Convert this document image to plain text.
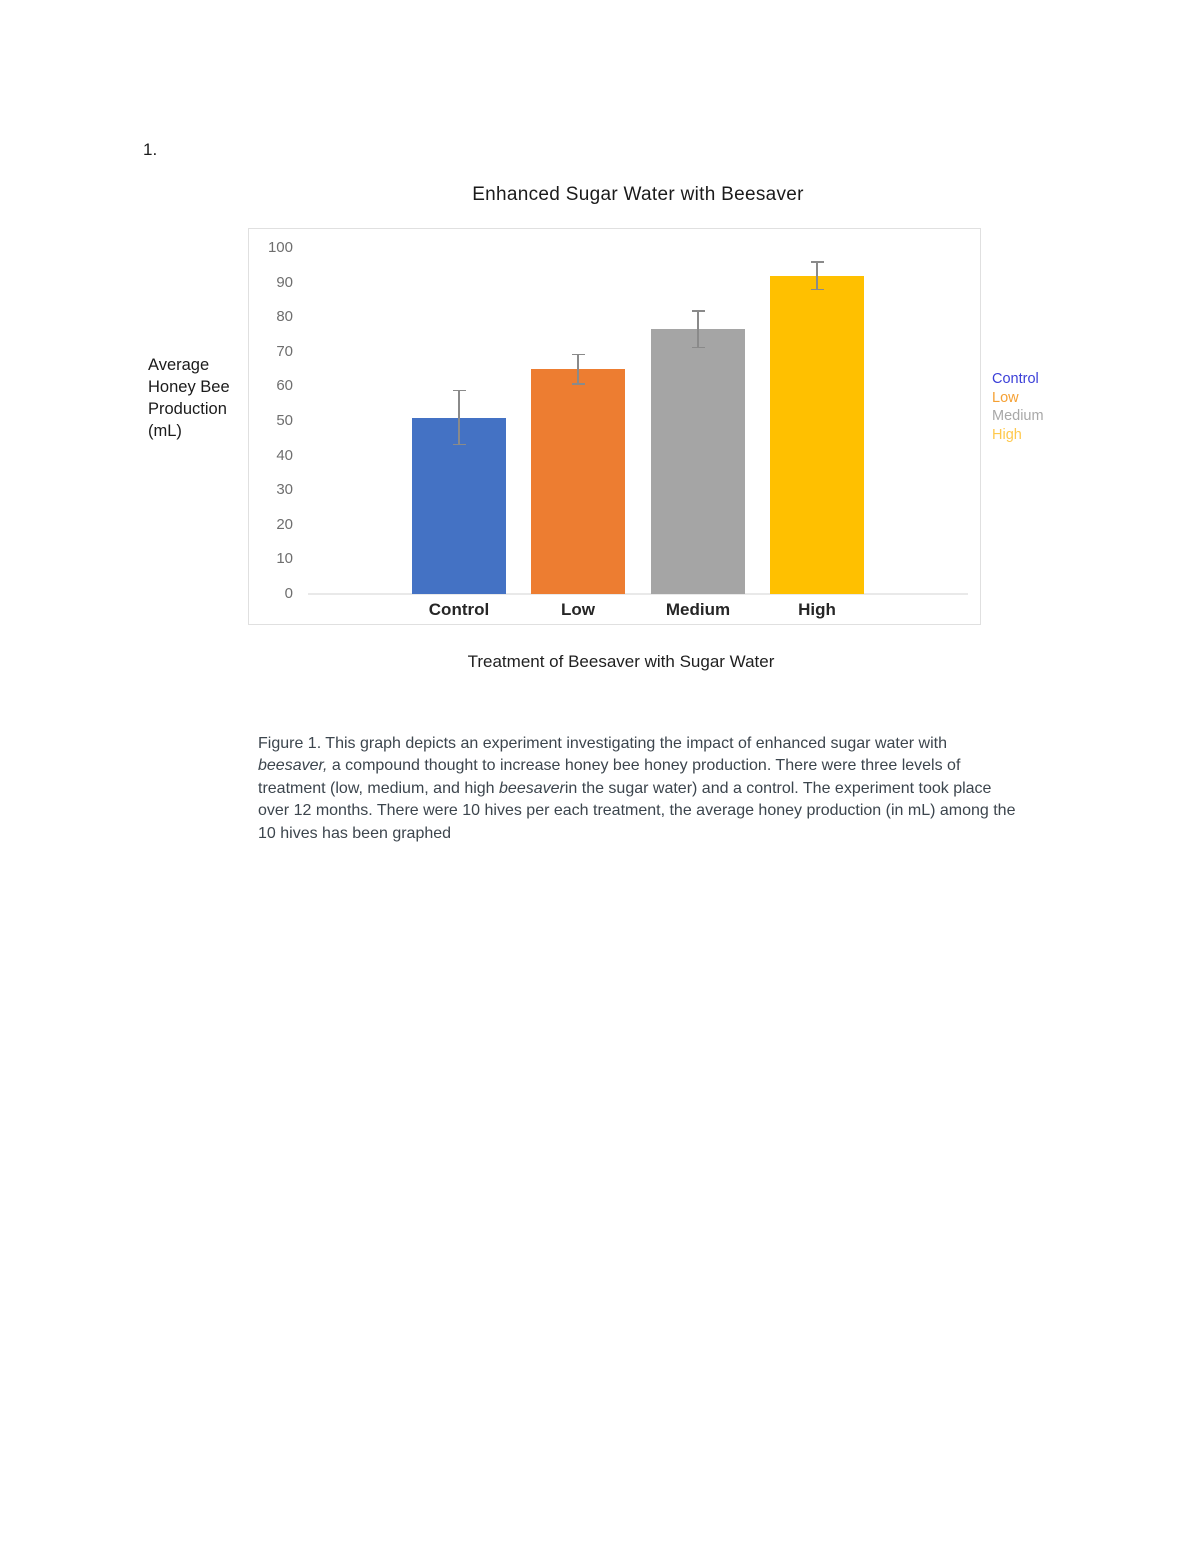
1.
Enhanced Sugar Water with Beesaver
Average
Honey Bee
Production
(mL)
100
90
80
70
60
50
40
30
20
10
0
Control	Low	Medium	High
Control
Low
Medium
High
Treatment of Beesaver with Sugar Water

Figure 1. This graph depicts an experiment investigating the impact of enhanced sugar water with beesaver, a compound thought to increase honey bee honey production. There were three levels of treatment (low, medium, and high beesaverin the sugar water) and a control. The experiment took place over 12 months. There were 10 hives per each treatment, the average honey production (in mL) among the 10 hives has been graphed
